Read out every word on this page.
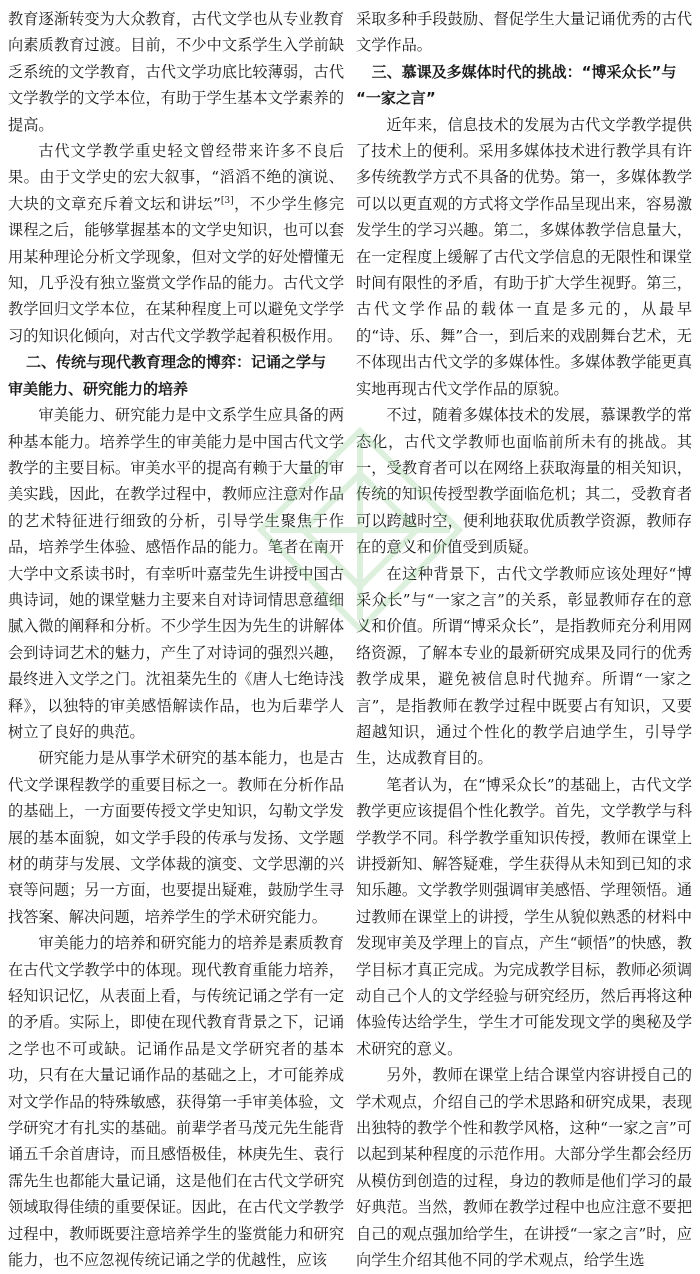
教育逐渐转变为大众教育，古代文学也从专业教育向素质教育过渡。目前，不少中文系学生入学前缺乏系统的文学教育，古代文学功底比较薄弱，古代文学教学的文学本位，有助于学生基本文学素养的提高。

古代文学教学重史轻文曾经带来许多不良后果。由于文学史的宏大叙事，“滔滔不绝的演说、大块的文章充斥着文坛和讲坛”[3]，不少学生修完课程之后，能够掌握基本的文学史知识，也可以套用某种理论分析文学现象，但对文学的好处懵懂无知，几乎没有独立鉴赏文学作品的能力。古代文学教学回归文学本位，在某种程度上可以避免文学学习的知识化倾向，对古代文学教学起着积极作用。

二、传统与现代教育理念的博弈：记诵之学与
审美能力、研究能力的培养

审美能力、研究能力是中文系学生应具备的两种基本能力。培养学生的审美能力是中国古代文学教学的主要目标。审美水平的提高有赖于大量的审美实践，因此，在教学过程中，教师应注意对作品的艺术特征进行细致的分析，引导学生聚焦于作品，培养学生体验、感悟作品的能力。笔者在南开大学中文系读书时，有幸听叶嘉莹先生讲授中国古典诗词，她的课堂魅力主要来自对诗词情思意蕴细腻入微的阐释和分析。不少学生因为先生的讲解体会到诗词艺术的魅力，产生了对诗词的强烈兴趣，最终进入文学之门。沈祖棻先生的《唐人七绝诗浅释》，以独特的审美感悟解读作品，也为后辈学人树立了良好的典范。

研究能力是从事学术研究的基本能力，也是古代文学课程教学的重要目标之一。教师在分析作品的基础上，一方面要传授文学史知识，勾勒文学发展的基本面貌，如文学手段的传承与发扬、文学题材的萌芽与发展、文学体裁的演变、文学思潮的兴衰等问题；另一方面，也要提出疑难，鼓励学生寻找答案、解决问题，培养学生的学术研究能力。

审美能力的培养和研究能力的培养是素质教育在古代文学教学中的体现。现代教育重能力培养，轻知识记忆，从表面上看，与传统记诵之学有一定的矛盾。实际上，即使在现代教育背景之下，记诵之学也不可或缺。记诵作品是文学研究者的基本功，只有在大量记诵作品的基础之上，才可能养成对文学作品的特殊敏感，获得第一手审美体验，文学研究才有扎实的基础。前辈学者马茂元先生能背诵五千余首唐诗，而且感悟极佳，林庚先生、袁行霈先生也都能大量记诵，这是他们在古代文学研究领域取得佳绩的重要保证。因此，在古代文学教学过程中，教师既要注意培养学生的鉴赏能力和研究能力，也不应忽视传统记诵之学的优越性，应该

采取多种手段鼓励、督促学生大量记诵优秀的古代文学作品。

三、慕课及多媒体时代的挑战：“博采众长”与
“一家之言”

近年来，信息技术的发展为古代文学教学提供了技术上的便利。采用多媒体技术进行教学具有许多传统教学方式不具备的优势。第一，多媒体教学可以以更直观的方式将文学作品呈现出来，容易激发学生的学习兴趣。第二，多媒体教学信息量大，在一定程度上缓解了古代文学信息的无限性和课堂时间有限性的矛盾，有助于扩大学生视野。第三，古代文学作品的载体一直是多元的，从最早的“诗、乐、舞”合一，到后来的戏剧舞台艺术，无不体现出古代文学的多媒体性。多媒体教学能更真实地再现古代文学作品的原貌。

不过，随着多媒体技术的发展，慕课教学的常态化，古代文学教师也面临前所未有的挑战。其一，受教育者可以在网络上获取海量的相关知识，传统的知识传授型教学面临危机；其二，受教育者可以跨越时空，便利地获取优质教学资源，教师存在的意义和价值受到质疑。

在这种背景下，古代文学教师应该处理好“博采众长”与“一家之言”的关系，彰显教师存在的意义和价值。所谓“博采众长”，是指教师充分利用网络资源，了解本专业的最新研究成果及同行的优秀教学成果，避免被信息时代抛弃。所谓“一家之言”，是指教师在教学过程中既要占有知识，又要超越知识，通过个性化的教学启迪学生，引导学生，达成教育目的。

笔者认为，在“博采众长”的基础上，古代文学教学更应该提倡个性化教学。首先，文学教学与科学教学不同。科学教学重知识传授，教师在课堂上讲授新知、解答疑难，学生获得从未知到已知的求知乐趣。文学教学则强调审美感悟、学理领悟。通过教师在课堂上的讲授，学生从貌似熟悉的材料中发现审美及学理上的盲点，产生“顿悟”的快感，教学目标才真正完成。为完成教学目标，教师必须调动自己个人的文学经验与研究经历，然后再将这种体验传达给学生，学生才可能发现文学的奥秘及学术研究的意义。

另外，教师在课堂上结合课堂内容讲授自己的学术观点，介绍自己的学术思路和研究成果，表现出独特的教学个性和教学风格，这种“一家之言”可以起到某种程度的示范作用。大部分学生都会经历从模仿到创造的过程，身边的教师是他们学习的最好典范。当然，教师在教学过程中也应注意不要把自己的观点强加给学生，在讲授“一家之言”时，应向学生介绍其他不同的学术观点，给学生选
